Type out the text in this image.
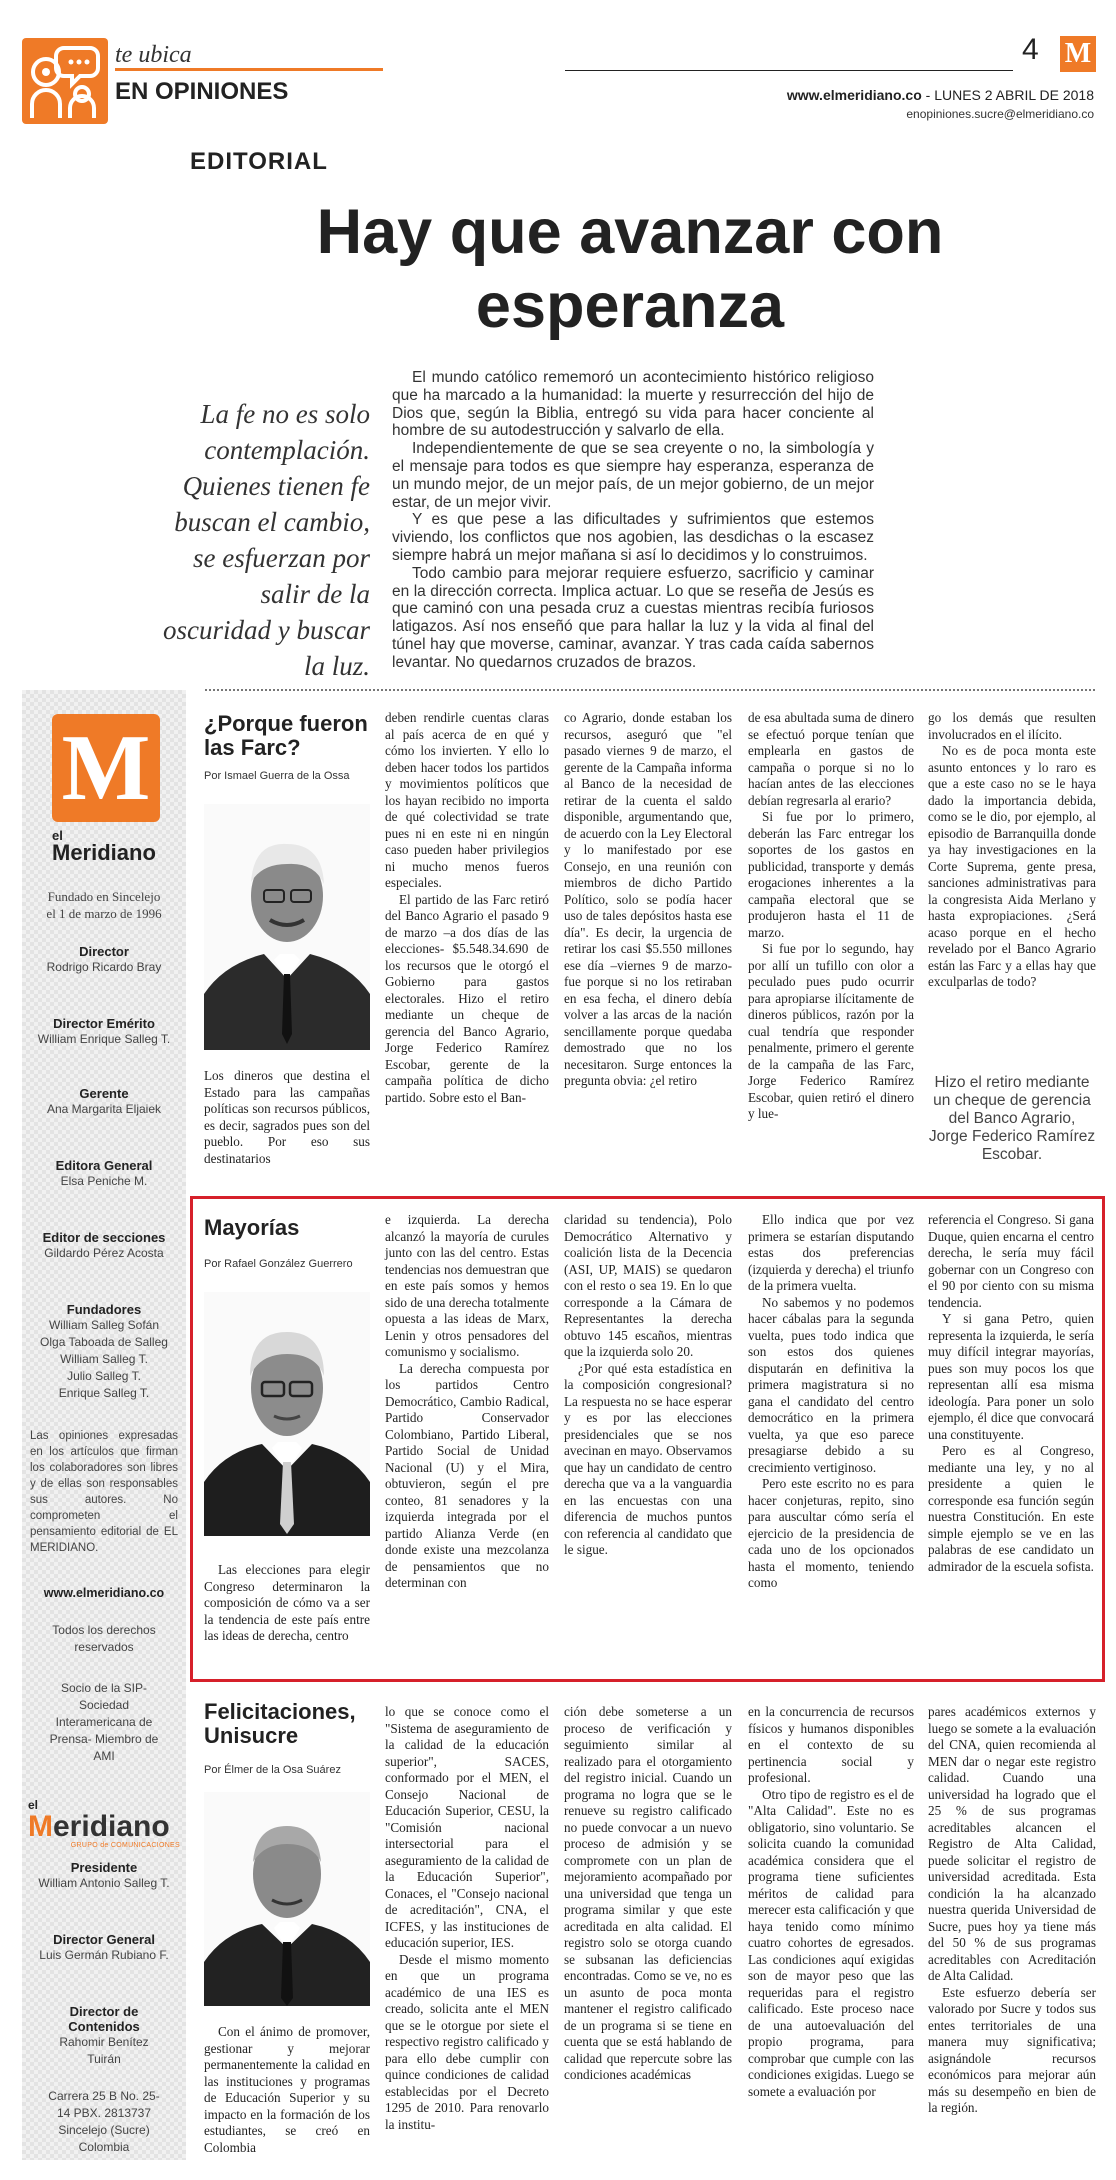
te ubica
EN OPINIONES
4 M
www.elmeridiano.co - LUNES 2 ABRIL DE 2018
enopiniones.sucre@elmeridiano.co
EDITORIAL
Hay que avanzar con esperanza
La fe no es solo contemplación. Quienes tienen fe buscan el cambio, se esfuerzan por salir de la oscuridad y buscar la luz.

El mundo católico rememoró un acontecimiento histórico religioso que ha marcado a la humanidad: la muerte y resurrección del hijo de Dios que, según la Biblia, entregó su vida para hacer conciente al hombre de su autodestrucción y salvarlo de ella.

Independientemente de que se sea creyente o no, la simbología y el mensaje para todos es que siempre hay esperanza, esperanza de un mundo mejor, de un mejor país, de un mejor gobierno, de un mejor estar, de un mejor vivir.

Y es que pese a las dificultades y sufrimientos que estemos viviendo, los conflictos que nos agobien, las desdichas o la escasez siempre habrá un mejor mañana si así lo decidimos y lo construimos.

Todo cambio para mejorar requiere esfuerzo, sacrificio y caminar en la dirección correcta. Implica actuar. Lo que se reseña de Jesús es que caminó con una pesada cruz a cuestas mientras recibía furiosos latigazos. Así nos enseñó que para hallar la luz y la vida al final del túnel hay que moverse, caminar, avanzar. Y tras cada caída sabernos levantar. No quedarnos cruzados de brazos.

M
el
Meridiano
Fundado en Sincelejo el 1 de marzo de 1996
Director
Rodrigo Ricardo Bray
Director Emérito
William Enrique Salleg T.
Gerente
Ana Margarita Eljaiek
Editora General
Elsa Peniche M.
Editor de secciones
Gildardo Pérez Acosta
Fundadores
William Salleg Sofán
Olga Taboada de Salleg
William Salleg T.
Julio Salleg T.
Enrique Salleg T.
Las opiniones expresadas en los artículos que firman los colaboradores son libres y de ellas son responsables sus autores. No comprometen el pensamiento editorial de EL MERIDIANO.
www.elmeridiano.co
Todos los derechos reservados
Socio de la SIP- Sociedad Interamericana de Prensa- Miembro de AMI
el
Meridiano
GRUPO de COMUNICACIONES
Presidente
William Antonio Salleg T.
Director General
Luis Germán Rubiano F.
Director de Contenidos
Rahomir Benítez Tuirán
Carrera 25 B No. 25-14 PBX. 2813737 Sincelejo (Sucre) Colombia
¿Porque fueron las Farc?
Por Ismael Guerra de la Ossa

Los dineros que destina el Estado para las campañas políticas son recursos públicos, es decir, sagrados pues son del pueblo. Por eso sus destinatarios

deben rendirle cuentas claras al país acerca de en qué y cómo los invierten. Y ello lo deben hacer todos los partidos y movimientos políticos que los hayan recibido no importa de qué colectividad se trate pues ni en este ni en ningún caso pueden haber privilegios ni mucho menos fueros especiales.

El partido de las Farc retiró del Banco Agrario el pasado 9 de marzo –a dos días de las elecciones- $5.548.34.690 de los recursos que le otorgó el Gobierno para gastos electorales. Hizo el retiro mediante un cheque de gerencia del Banco Agrario, Jorge Federico Ramírez Escobar, gerente de la campaña política de dicho partido. Sobre esto el Ban-

co Agrario, donde estaban los recursos, aseguró que "el pasado viernes 9 de marzo, el gerente de la Campaña informa al Banco de la necesidad de retirar de la cuenta el saldo disponible, argumentando que, de acuerdo con la Ley Electoral y lo manifestado por ese Consejo, en una reunión con miembros de dicho Partido Político, solo se podía hacer uso de tales depósitos hasta ese día". Es decir, la urgencia de retirar los casi $5.550 millones ese día –viernes 9 de marzo- fue porque si no los retiraban en esa fecha, el dinero debía volver a las arcas de la nación sencillamente porque quedaba demostrado que no los necesitaron. Surge entonces la pregunta obvia: ¿el retiro

de esa abultada suma de dinero se efectuó porque tenían que emplearla en gastos de campaña o porque si no lo hacían antes de las elecciones debían regresarla al erario?

Si fue por lo primero, deberán las Farc entregar los soportes de los gastos en publicidad, transporte y demás erogaciones inherentes a la campaña electoral que se produjeron hasta el 11 de marzo.

Si fue por lo segundo, hay por allí un tufillo con olor a peculado pues pudo ocurrir para apropiarse ilícitamente de dineros públicos, razón por la cual tendría que responder penalmente, primero el gerente de la campaña de las Farc, Jorge Federico Ramírez Escobar, quien retiró el dinero y lue-

go los demás que resulten involucrados en el ilícito.

No es de poca monta este asunto entonces y lo raro es que a este caso no se le haya dado la importancia debida, como se le dio, por ejemplo, al episodio de Barranquilla donde ya hay investigaciones en la Corte Suprema, gente presa, sanciones administrativas para la congresista Aida Merlano y hasta expropiaciones. ¿Será acaso porque en el hecho revelado por el Banco Agrario están las Farc y a ellas hay que exculparlas de todo?

Hizo el retiro mediante un cheque de gerencia del Banco Agrario, Jorge Federico Ramírez Escobar.
Mayorías
Por Rafael González Guerrero

Las elecciones para elegir Congreso determinaron la composición de cómo va a ser la tendencia de este país entre las ideas de derecha, centro

e izquierda. La derecha alcanzó la mayoría de curules junto con las del centro. Estas tendencias nos demuestran que en este país somos y hemos sido de una derecha totalmente opuesta a las ideas de Marx, Lenin y otros pensadores del comunismo y socialismo.

La derecha compuesta por los partidos Centro Democrático, Cambio Radical, Partido Conservador Colombiano, Partido Liberal, Partido Social de Unidad Nacional (U) y el Mira, obtuvieron, según el pre conteo, 81 senadores y la izquierda integrada por el partido Alianza Verde (en donde existe una mezcolanza de pensamientos que no determinan con

claridad su tendencia), Polo Democrático Alternativo y coalición lista de la Decencia (ASI, UP, MAIS) se quedaron con el resto o sea 19. En lo que corresponde a la Cámara de Representantes la derecha obtuvo 145 escaños, mientras que la izquierda solo 20.

¿Por qué esta estadística en la composición congresional? La respuesta no se hace esperar y es por las elecciones presidenciales que se nos avecinan en mayo. Observamos que hay un candidato de centro derecha que va a la vanguardia en las encuestas con una diferencia de muchos puntos con referencia al candidato que le sigue.

Ello indica que por vez primera se estarían disputando estas dos preferencias (izquierda y derecha) el triunfo de la primera vuelta.

No sabemos y no podemos hacer cábalas para la segunda vuelta, pues todo indica que son estos dos quienes disputarán en definitiva la primera magistratura si no gana el candidato del centro democrático en la primera vuelta, ya que eso parece presagiarse debido a su crecimiento vertiginoso.

Pero este escrito no es para hacer conjeturas, repito, sino para auscultar cómo sería el ejercicio de la presidencia de cada uno de los opcionados hasta el momento, teniendo como

referencia el Congreso. Si gana Duque, quien encarna el centro derecha, le sería muy fácil gobernar con un Congreso con el 90 por ciento con su misma tendencia.

Y si gana Petro, quien representa la izquierda, le sería muy difícil integrar mayorías, pues son muy pocos los que representan allí esa misma ideología. Para poner un solo ejemplo, él dice que convocará una constituyente.

Pero es al Congreso, mediante una ley, y no al presidente a quien le corresponde esa función según nuestra Constitución. En este simple ejemplo se ve en las palabras de ese candidato un admirador de la escuela sofista.

Felicitaciones, Unisucre
Por Élmer de la Osa Suárez

Con el ánimo de promover, gestionar y mejorar permanentemente la calidad en las instituciones y programas de Educación Superior y su impacto en la formación de los estudiantes, se creó en Colombia

lo que se conoce como el "Sistema de aseguramiento de la calidad de la educación superior", SACES, conformado por el MEN, el Consejo Nacional de Educación Superior, CESU, la "Comisión nacional intersectorial para el aseguramiento de la calidad de la Educación Superior", Conaces, el "Consejo nacional de acreditación", CNA, el ICFES, y las instituciones de educación superior, IES.

Desde el mismo momento en que un programa académico de una IES es creado, solicita ante el MEN que se le otorgue por siete el respectivo registro calificado y para ello debe cumplir con quince condiciones de calidad establecidas por el Decreto 1295 de 2010. Para renovarlo la institu-

ción debe someterse a un proceso de verificación y seguimiento similar al realizado para el otorgamiento del registro inicial. Cuando un programa no logra que se le renueve su registro calificado no puede convocar a un nuevo proceso de admisión y se compromete con un plan de mejoramiento acompañado por una universidad que tenga un programa similar y que este acreditada en alta calidad. El registro solo se otorga cuando se subsanan las deficiencias encontradas. Como se ve, no es un asunto de poca monta mantener el registro calificado de un programa si se tiene en cuenta que se está hablando de calidad que repercute sobre las condiciones académicas

en la concurrencia de recursos físicos y humanos disponibles en el contexto de su pertinencia social y profesional.

Otro tipo de registro es el de "Alta Calidad". Este no es obligatorio, sino voluntario. Se solicita cuando la comunidad académica considera que el programa tiene suficientes méritos de calidad para merecer esta calificación y que haya tenido como mínimo cuatro cohortes de egresados. Las condiciones aquí exigidas son de mayor peso que las requeridas para el registro calificado. Este proceso nace de una autoevaluación del propio programa, para comprobar que cumple con las condiciones exigidas. Luego se somete a evaluación por

pares académicos externos y luego se somete a la evaluación del CNA, quien recomienda al MEN dar o negar este registro calidad. Cuando una universidad ha logrado que el 25 % de sus programas acreditables alcancen el Registro de Alta Calidad, puede solicitar el registro de universidad acreditada. Esta condición la ha alcanzado nuestra querida Universidad de Sucre, pues hoy ya tiene más del 50 % de sus programas acreditables con Acreditación de Alta Calidad.

Este esfuerzo debería ser valorado por Sucre y todos sus entes territoriales de una manera muy significativa; asignándole recursos económicos para mejorar aún más su desempeño en bien de la región.
